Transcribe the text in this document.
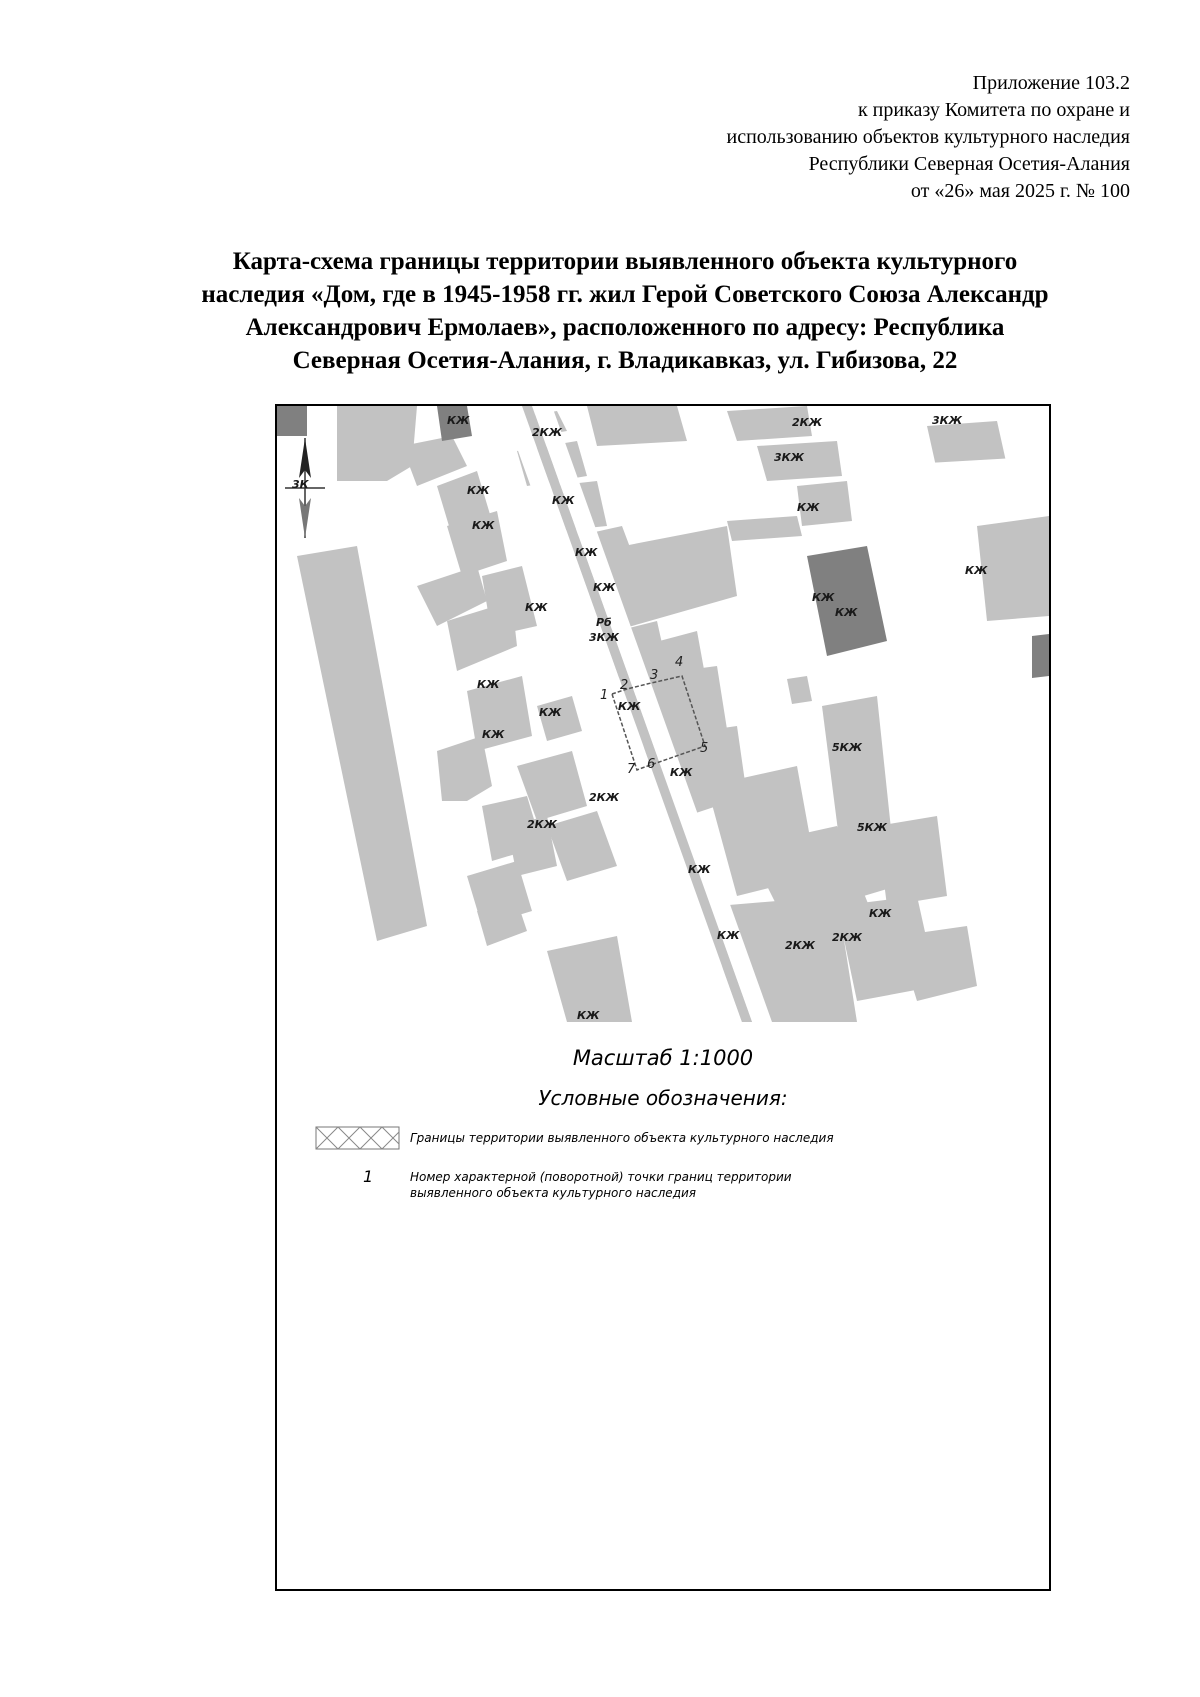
Приложение 103.2
к приказу Комитета по охране и
использованию объектов культурного наследия
Республики Северная Осетия-Алания
от «26» мая 2025 г. № 100
Карта-схема границы территории выявленного объекта культурного
наследия «Дом, где в 1945-1958 гг. жил Герой Советского Союза Александр
Александрович Ермолаев», расположенного по адресу: Республика
Северная Осетия-Алания, г. Владикавказ, ул. Гибизова, 22
КЖ
2КЖ
3К
2КЖ	3КЖ
3КЖ
КЖ
КЖ
КЖ
КЖ
КЖ
КЖ
КЖ
КЖ
КЖ
КЖ
Рб
КЖ
3КЖ
КЖ	КЖ
КЖ
КЖ
5КЖ
5КЖ
2КЖ
2КЖ
КЖ
КЖ
КЖ
2КЖ
2КЖ
КЖ
1
2
3
4
5
6
7
Масштаб 1:1000
Условные обозначения:
Границы территории выявленного объекта культурного наследия
1	Номер характерной (поворотной) точки границ территории
выявленного объекта культурного наследия
